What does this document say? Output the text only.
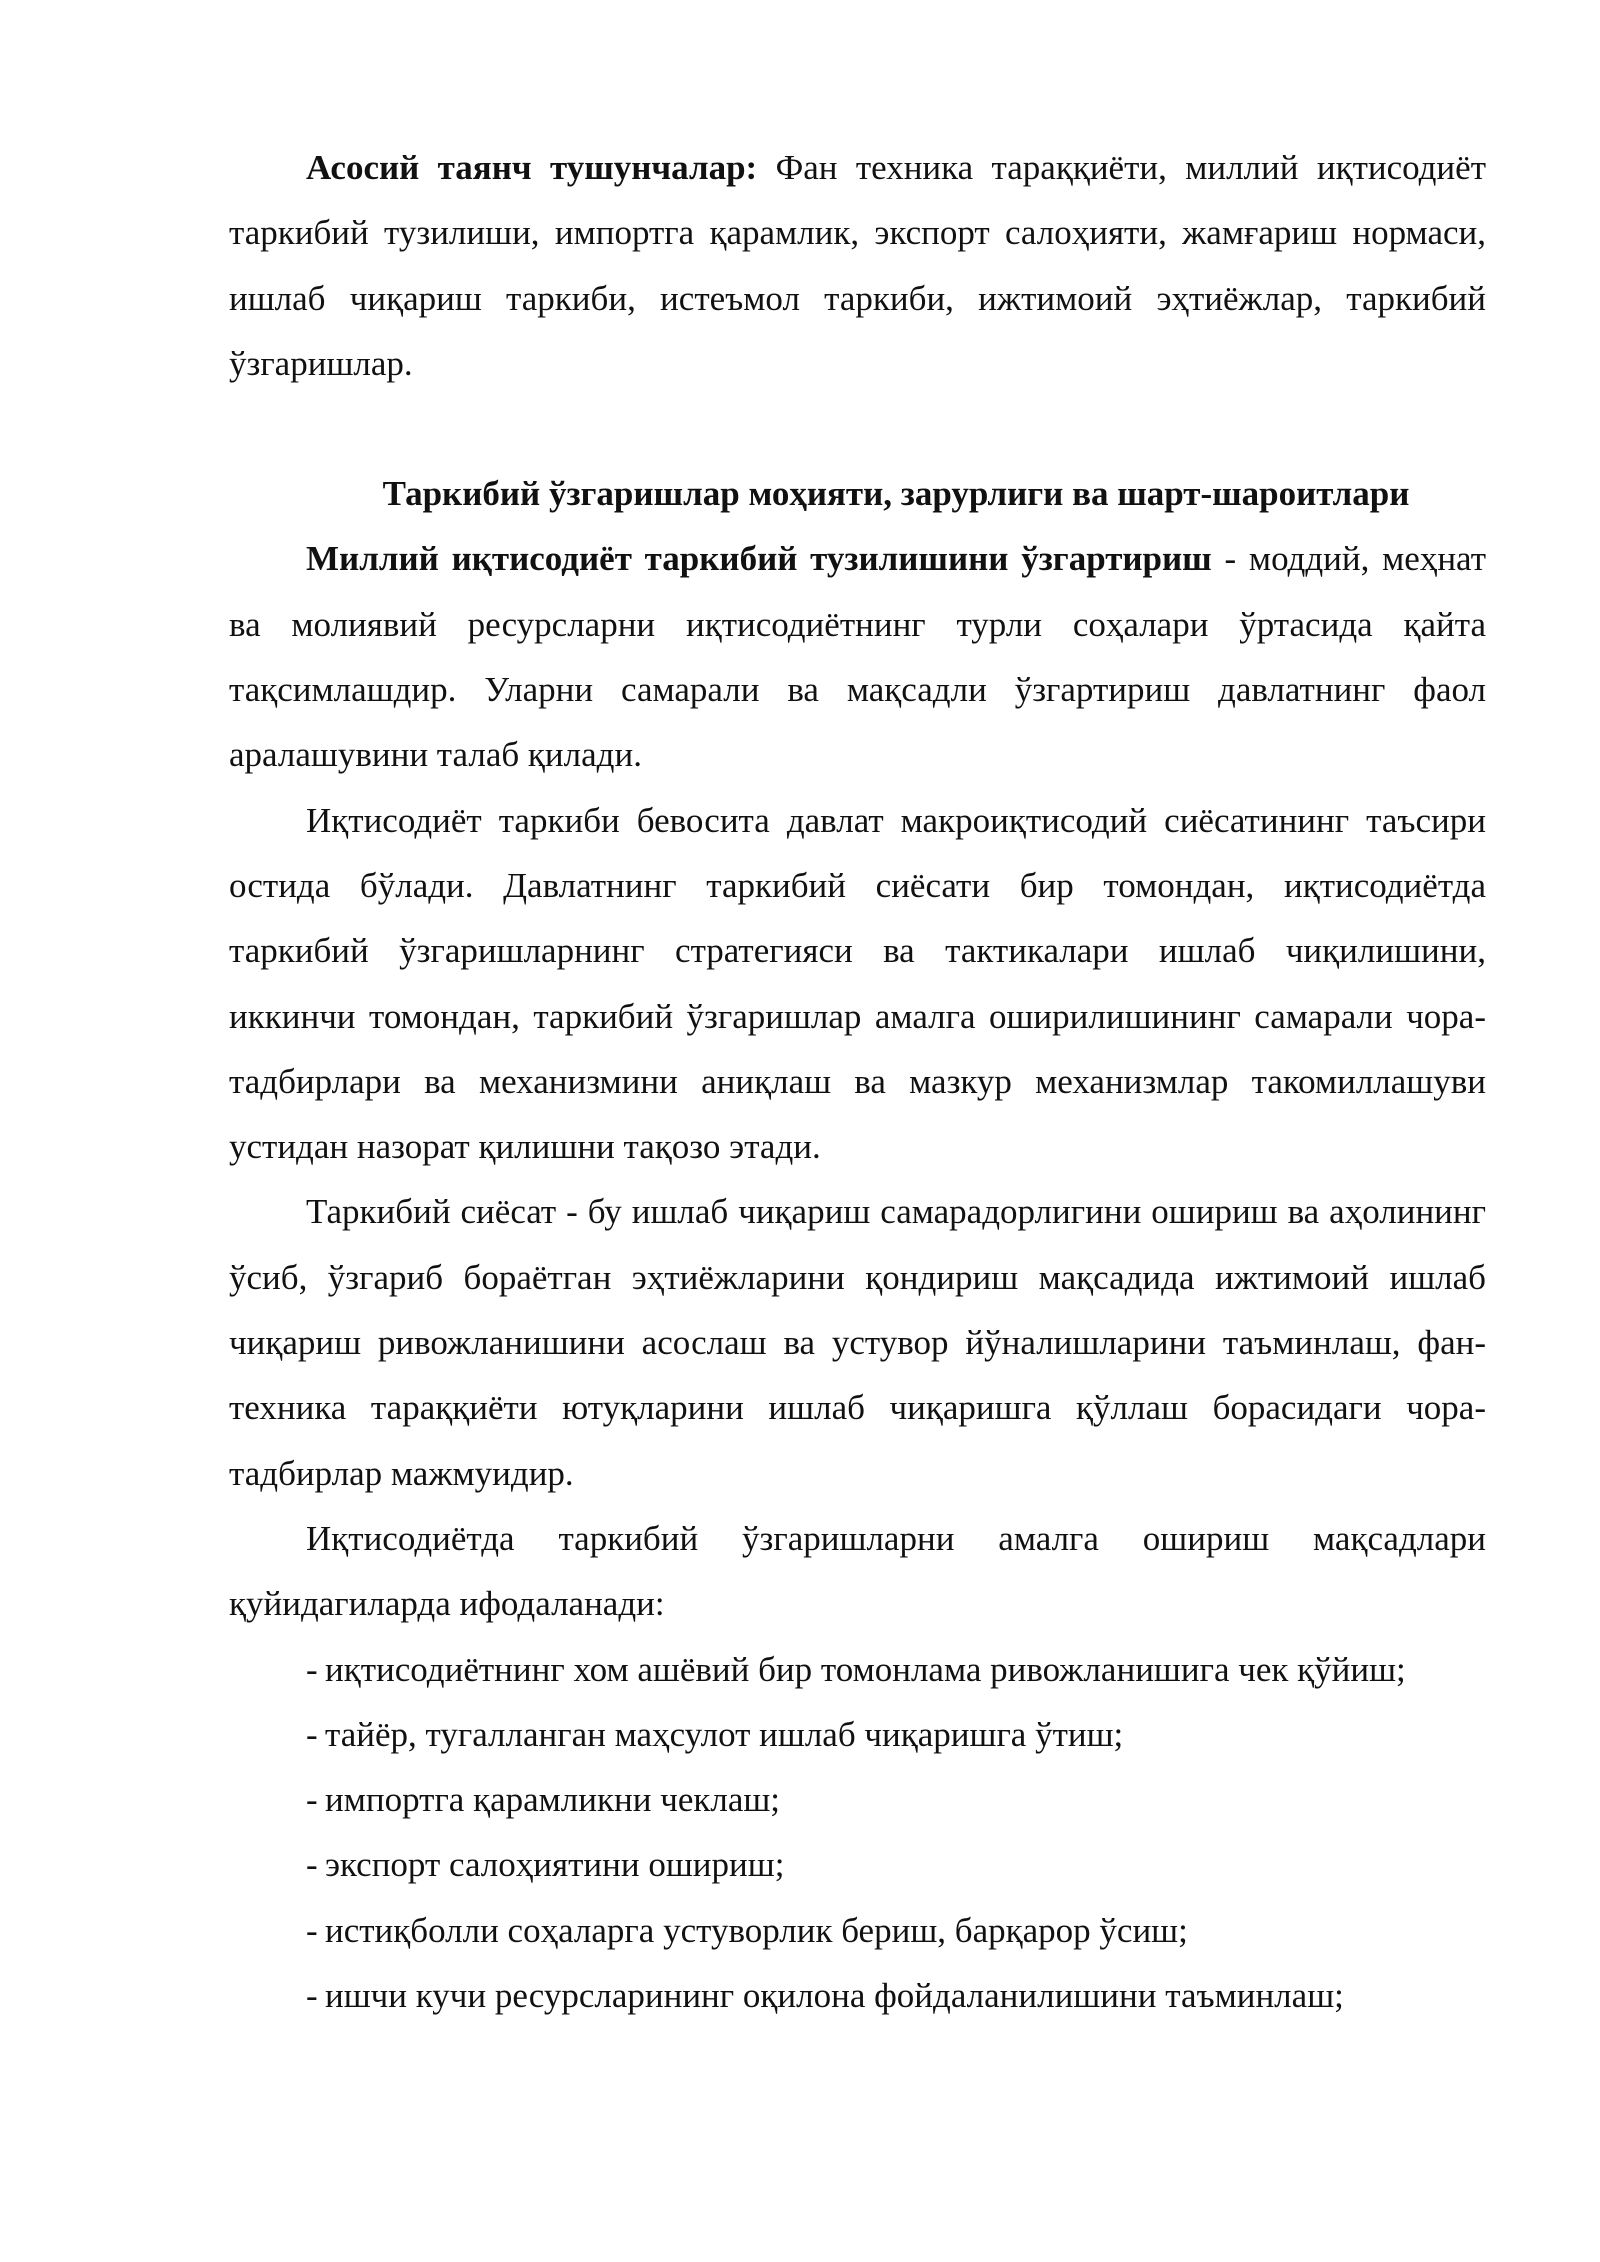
Асосий таянч тушунчалар: Фан техника тараққиёти, миллий иқтисодиёт таркибий тузилиши, импортга қарамлик, экспорт салоҳияти, жамғариш нормаси, ишлаб чиқариш таркиби, истеъмол таркиби, ижтимоий эҳтиёжлар, таркибий ўзгаришлар.

Таркибий ўзгаришлар моҳияти, зарурлиги ва шарт-шароитлари

Миллий иқтисодиёт таркибий тузилишини ўзгартириш - моддий, меҳнат ва молиявий ресурсларни иқтисодиётнинг турли соҳалари ўртасида қайта тақсимлашдир. Уларни самарали ва мақсадли ўзгартириш давлатнинг фаол аралашувини талаб қилади.

Иқтисодиёт таркиби бевосита давлат макроиқтисодий сиёсатининг таъсири остида бўлади. Давлатнинг таркибий сиёсати бир томондан, иқтисодиётда таркибий ўзгаришларнинг стратегияси ва тактикалари ишлаб чиқилишини, иккинчи томондан, таркибий ўзгаришлар амалга оширилишининг самарали чора-тадбирлари ва механизмини аниқлаш ва мазкур механизмлар такомиллашуви устидан назорат қилишни тақозо этади.

Таркибий сиёсат - бу ишлаб чиқариш самарадорлигини ошириш ва аҳолининг ўсиб, ўзгариб бораётган эҳтиёжларини қондириш мақсадида ижтимоий ишлаб чиқариш ривожланишини асослаш ва устувор йўналишларини таъминлаш, фан-техника тараққиёти ютуқларини ишлаб чиқаришга қўллаш борасидаги чора-тадбирлар мажмуидир.

Иқтисодиётда таркибий ўзгаришларни амалга ошириш мақсадлари қуйидагиларда ифодаланади:

- иқтисодиётнинг хом ашёвий бир томонлама ривожланишига чек қўйиш;
- тайёр, тугалланган маҳсулот ишлаб чиқаришга ўтиш;
- импортга қарамликни чеклаш;
- экспорт салоҳиятини ошириш;
- истиқболли соҳаларга устуворлик бериш, барқарор ўсиш;
- ишчи кучи ресурсларининг оқилона фойдаланилишини таъминлаш;
